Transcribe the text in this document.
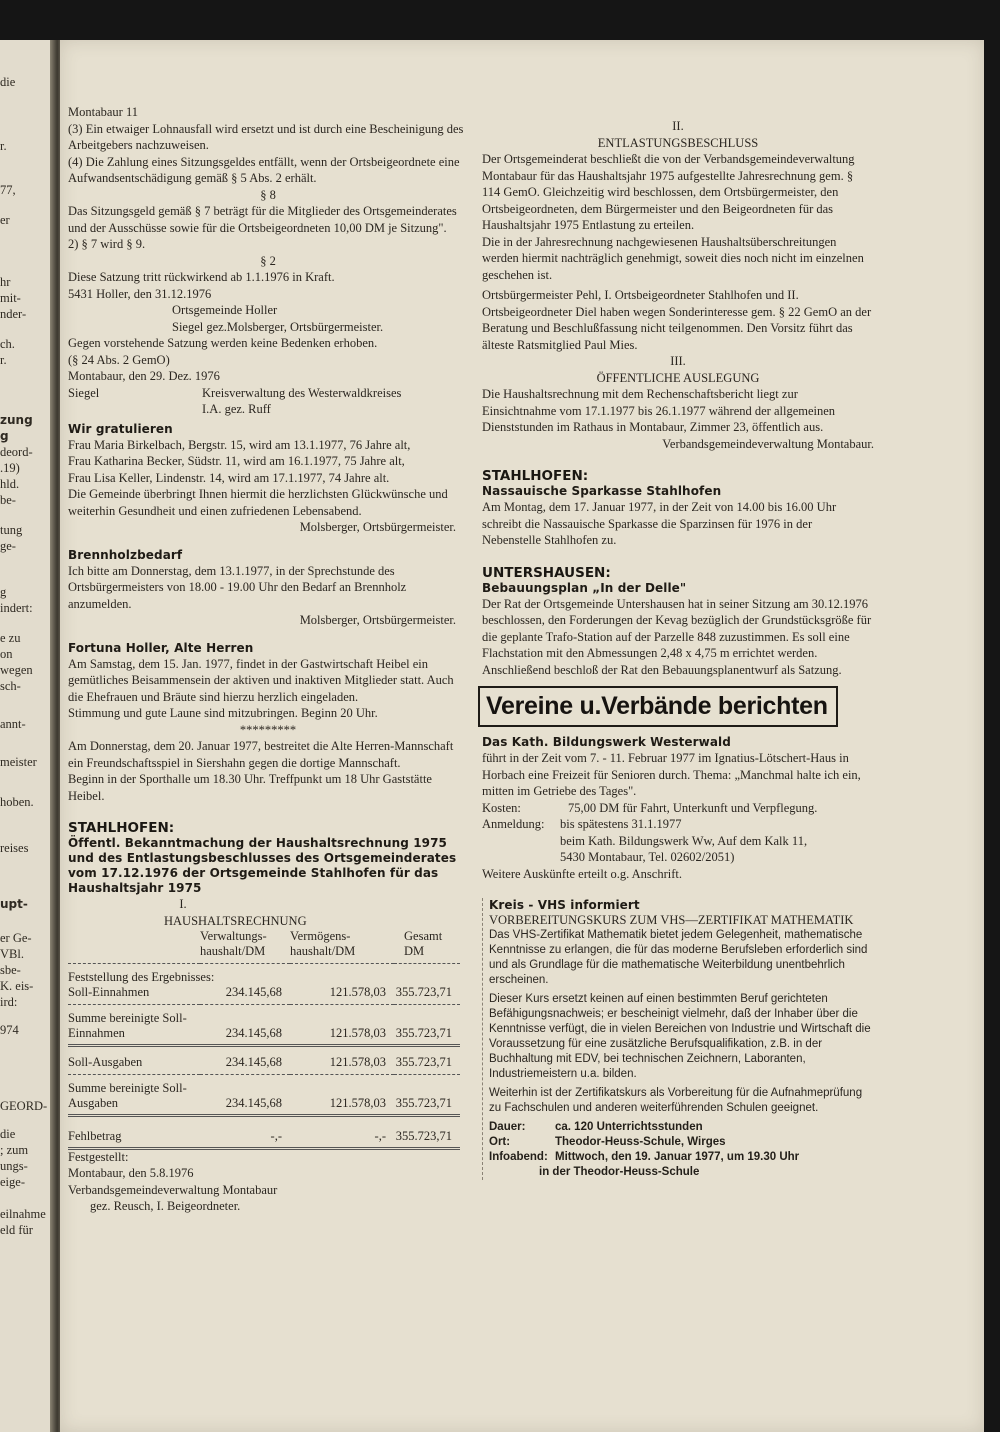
die
r.
77,
er
hr
mit-
nder-
ch.
r.
zung
g
deord-
.19)
hld.
be-
tung
ge-
g
indert:
e zu
on
wegen
sch-
annt-
meister
hoben.
reises
upt-
er Ge-
VBl.
sbe-
K. eis-
ird:
974
GEORD-
die
; zum
ungs-
eige-
eilnahme
eld für

Montabaur 11

(3) Ein etwaiger Lohnausfall wird ersetzt und ist durch eine Bescheinigung des Arbeitgebers nachzuweisen.

(4) Die Zahlung eines Sitzungsgeldes entfällt, wenn der Ortsbeigeordnete eine Aufwandsentschädigung gemäß § 5 Abs. 2 erhält.

§ 8

Das Sitzungsgeld gemäß § 7 beträgt für die Mitglieder des Ortsgemeinderates und der Ausschüsse sowie für die Ortsbeigeordneten 10,00 DM je Sitzung".

2) § 7 wird § 9.

§ 2

Diese Satzung tritt rückwirkend ab 1.1.1976 in Kraft.

5431 Holler, den 31.12.1976

Ortsgemeinde Holler

Siegel gez.Molsberger, Ortsbürgermeister.

Gegen vorstehende Satzung werden keine Bedenken erhoben.

(§ 24 Abs. 2 GemO)

Montabaur, den 29. Dez. 1976

Siegel	Kreisverwaltung des Westerwaldkreises

I.A. gez. Ruff

Wir gratulieren

Frau Maria Birkelbach, Bergstr. 15, wird am 13.1.1977, 76 Jahre alt,

Frau Katharina Becker, Südstr. 11, wird am 16.1.1977, 75 Jahre alt,

Frau Lisa Keller, Lindenstr. 14, wird am 17.1.1977, 74 Jahre alt.

Die Gemeinde überbringt Ihnen hiermit die herzlichsten Glückwünsche und weiterhin Gesundheit und einen zufriedenen Lebensabend.

Molsberger, Ortsbürgermeister.

Brennholzbedarf

Ich bitte am Donnerstag, dem 13.1.1977, in der Sprechstunde des Ortsbürgermeisters von 18.00 - 19.00 Uhr den Bedarf an Brennholz anzumelden.

Molsberger, Ortsbürgermeister.

Fortuna Holler, Alte Herren

Am Samstag, dem 15. Jan. 1977, findet in der Gastwirtschaft Heibel ein gemütliches Beisammensein der aktiven und inaktiven Mitglieder statt. Auch die Ehefrauen und Bräute sind hierzu herzlich eingeladen.

Stimmung und gute Laune sind mitzubringen. Beginn 20 Uhr.

*********

Am Donnerstag, dem 20. Januar 1977, bestreitet die Alte Herren-Mannschaft ein Freundschaftsspiel in Siershahn gegen die dortige Mannschaft.

Beginn in der Sporthalle um 18.30 Uhr. Treffpunkt um 18 Uhr Gaststätte Heibel.

STAHLHOFEN:

Öffentl. Bekanntmachung der Haushaltsrechnung 1975 und des Entlastungsbeschlusses des Ortsgemeinderates vom 17.12.1976 der Ortsgemeinde Stahlhofen für das Haushaltsjahr 1975

I.

HAUSHALTSRECHNUNG

	Verwaltungs- haushalt/DM	Vermögens- haushalt/DM	Gesamt DM

Feststellung des Ergebnisses:			
Soll-Einnahmen	234.145,68	121.578,03	355.723,71

Summe bereinigte Soll-Einnahmen	234.145,68	121.578,03	355.723,71

Soll-Ausgaben	234.145,68	121.578,03	355.723,71

Summe bereinigte Soll-Ausgaben	234.145,68	121.578,03	355.723,71

Fehlbetrag	-,-	-,-	355.723,71

Festgestellt:			

Montabaur, den 5.8.1976

Verbandsgemeindeverwaltung Montabaur

gez. Reusch, I. Beigeordneter.

II.

ENTLASTUNGSBESCHLUSS

Der Ortsgemeinderat beschließt die von der Verbandsgemeindeverwaltung Montabaur für das Haushaltsjahr 1975 aufgestellte Jahresrechnung gem. § 114 GemO. Gleichzeitig wird beschlossen, dem Ortsbürgermeister, den Ortsbeigeordneten, dem Bürgermeister und den Beigeordneten für das Haushaltsjahr 1975 Entlastung zu erteilen.

Die in der Jahresrechnung nachgewiesenen Haushaltsüberschreitungen werden hiermit nachträglich genehmigt, soweit dies noch nicht im einzelnen geschehen ist.

Ortsbürgermeister Pehl, I. Ortsbeigeordneter Stahlhofen und II. Ortsbeigeordneter Diel haben wegen Sonderinteresse gem. § 22 GemO an der Beratung und Beschlußfassung nicht teilgenommen. Den Vorsitz führt das älteste Ratsmitglied Paul Mies.

III.

ÖFFENTLICHE AUSLEGUNG

Die Haushaltsrechnung mit dem Rechenschaftsbericht liegt zur Einsichtnahme vom 17.1.1977 bis 26.1.1977 während der allgemeinen Dienststunden im Rathaus in Montabaur, Zimmer 23, öffentlich aus.

Verbandsgemeindeverwaltung Montabaur.

STAHLHOFEN:

Nassauische Sparkasse Stahlhofen

Am Montag, dem 17. Januar 1977, in der Zeit von 14.00 bis 16.00 Uhr schreibt die Nassauische Sparkasse die Sparzinsen für 1976 in der Nebenstelle Stahlhofen zu.

UNTERSHAUSEN:

Bebauungsplan „In der Delle"

Der Rat der Ortsgemeinde Untershausen hat in seiner Sitzung am 30.12.1976 beschlossen, den Forderungen der Kevag bezüglich der Grundstücksgröße für die geplante Trafo-Station auf der Parzelle 848 zuzustimmen. Es soll eine Flachstation mit den Abmessungen 2,48 x 4,75 m errichtet werden. Anschließend beschloß der Rat den Bebauungsplanentwurf als Satzung.

Vereine u.Verbände berichten

Das Kath. Bildungswerk Westerwald

führt in der Zeit vom 7. - 11. Februar 1977 im Ignatius-Lötschert-Haus in Horbach eine Freizeit für Senioren durch. Thema: „Manchmal halte ich ein, mitten im Getriebe des Tages".

Kosten:	75,00 DM für Fahrt, Unterkunft und Verpflegung.
Anmeldung:	bis spätestens 31.1.1977

beim Kath. Bildungswerk Ww, Auf dem Kalk 11,

5430 Montabaur, Tel. 02602/2051)

Weitere Auskünfte erteilt o.g. Anschrift.

Kreis - VHS informiert

VORBEREITUNGSKURS ZUM VHS—ZERTIFIKAT MATHEMATIK

Das VHS-Zertifikat Mathematik bietet jedem Gelegenheit, mathematische Kenntnisse zu erlangen, die für das moderne Berufsleben erforderlich sind und als Grundlage für die mathematische Weiterbildung unentbehrlich erscheinen.

Dieser Kurs ersetzt keinen auf einen bestimmten Beruf gerichteten Befähigungsnachweis; er bescheinigt vielmehr, daß der Inhaber über die Kenntnisse verfügt, die in vielen Bereichen von Industrie und Wirtschaft die Voraussetzung für eine zusätzliche Berufsqualifikation, z.B. in der Buchhaltung mit EDV, bei technischen Zeichnern, Laboranten, Industriemeistern u.a. bilden.

Weiterhin ist der Zertifikatskurs als Vorbereitung für die Aufnahmeprüfung zu Fachschulen und anderen weiterführenden Schulen geeignet.

Dauer:	ca. 120 Unterrichtsstunden

Ort:	Theodor-Heuss-Schule, Wirges

Infoabend: Mittwoch, den 19. Januar 1977, um 19.30 Uhr

in der Theodor-Heuss-Schule
